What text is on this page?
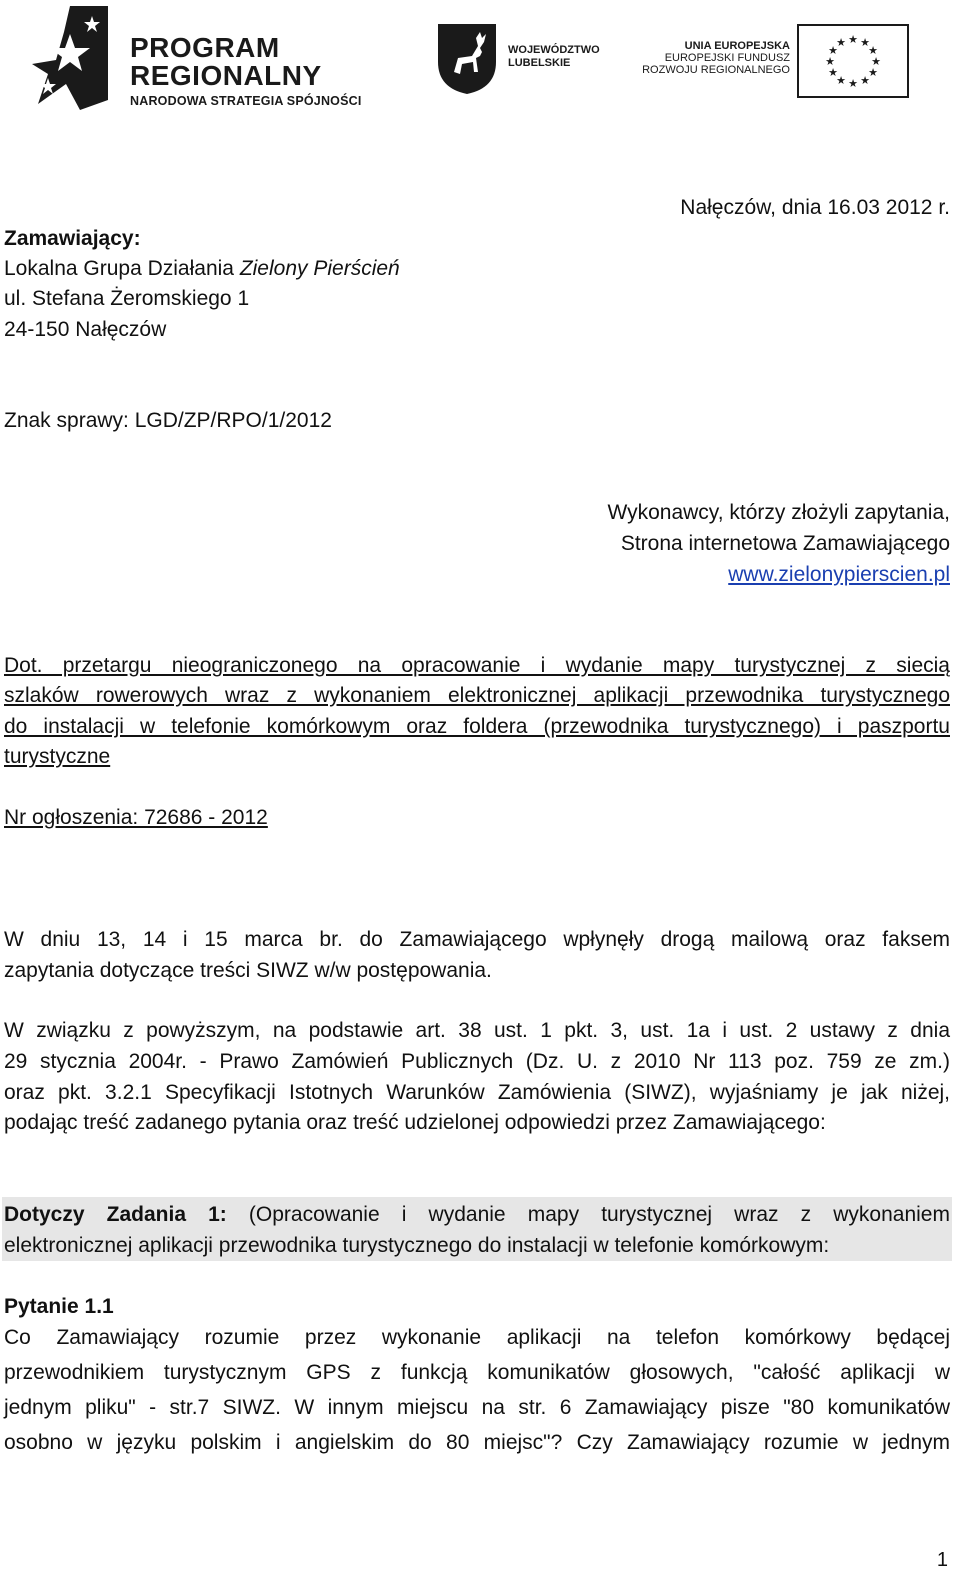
PROGRAM
REGIONALNY
NARODOWA STRATEGIA SPÓJNOŚCI
WOJEWÓDZTWO
LUBELSKIE
UNIA EUROPEJSKA
EUROPEJSKI FUNDUSZ
ROZWOJU REGIONALNEGO
★ ★
★
★
★
★
★
★
★
★
★
★
Nałęczów, dnia 16.03 2012 r.
Zamawiający:
Lokalna Grupa Działania Zielony Pierścień
ul. Stefana Żeromskiego 1
24-150 Nałęczów
Znak sprawy: LGD/ZP/RPO/1/2012
Wykonawcy, którzy złożyli zapytania,
Strona internetowa Zamawiającego
www.zielonypierscien.pl
Dot. przetargu nieograniczonego na opracowanie i wydanie mapy turystycznej z siecią
szlaków rowerowych wraz z wykonaniem elektronicznej aplikacji przewodnika turystycznego
do instalacji w telefonie komórkowym oraz foldera (przewodnika turystycznego) i paszportu
turystyczne
Nr ogłoszenia: 72686 - 2012
W dniu 13, 14 i 15 marca br. do Zamawiającego wpłynęły drogą mailową oraz faksem
zapytania dotyczące treści SIWZ w/w postępowania.
W związku z powyższym, na podstawie art. 38 ust. 1 pkt. 3, ust. 1a i ust. 2 ustawy z dnia
29 stycznia 2004r. - Prawo Zamówień Publicznych (Dz. U. z 2010 Nr 113 poz. 759 ze zm.)
oraz pkt. 3.2.1 Specyfikacji Istotnych Warunków Zamówienia (SIWZ), wyjaśniamy je jak niżej,
podając treść zadanego pytania oraz treść udzielonej odpowiedzi przez Zamawiającego:
Dotyczy Zadania 1: (Opracowanie i wydanie mapy turystycznej wraz z wykonaniem
elektronicznej aplikacji przewodnika turystycznego do instalacji w telefonie komórkowym:
Pytanie 1.1
Co Zamawiający rozumie przez wykonanie aplikacji na telefon komórkowy będącej
przewodnikiem turystycznym GPS z funkcją komunikatów głosowych, "całość aplikacji w
jednym pliku" - str.7 SIWZ. W innym miejscu na str. 6 Zamawiający pisze "80 komunikatów
osobno w języku polskim i angielskim do 80 miejsc"? Czy Zamawiający rozumie w jednym
1
